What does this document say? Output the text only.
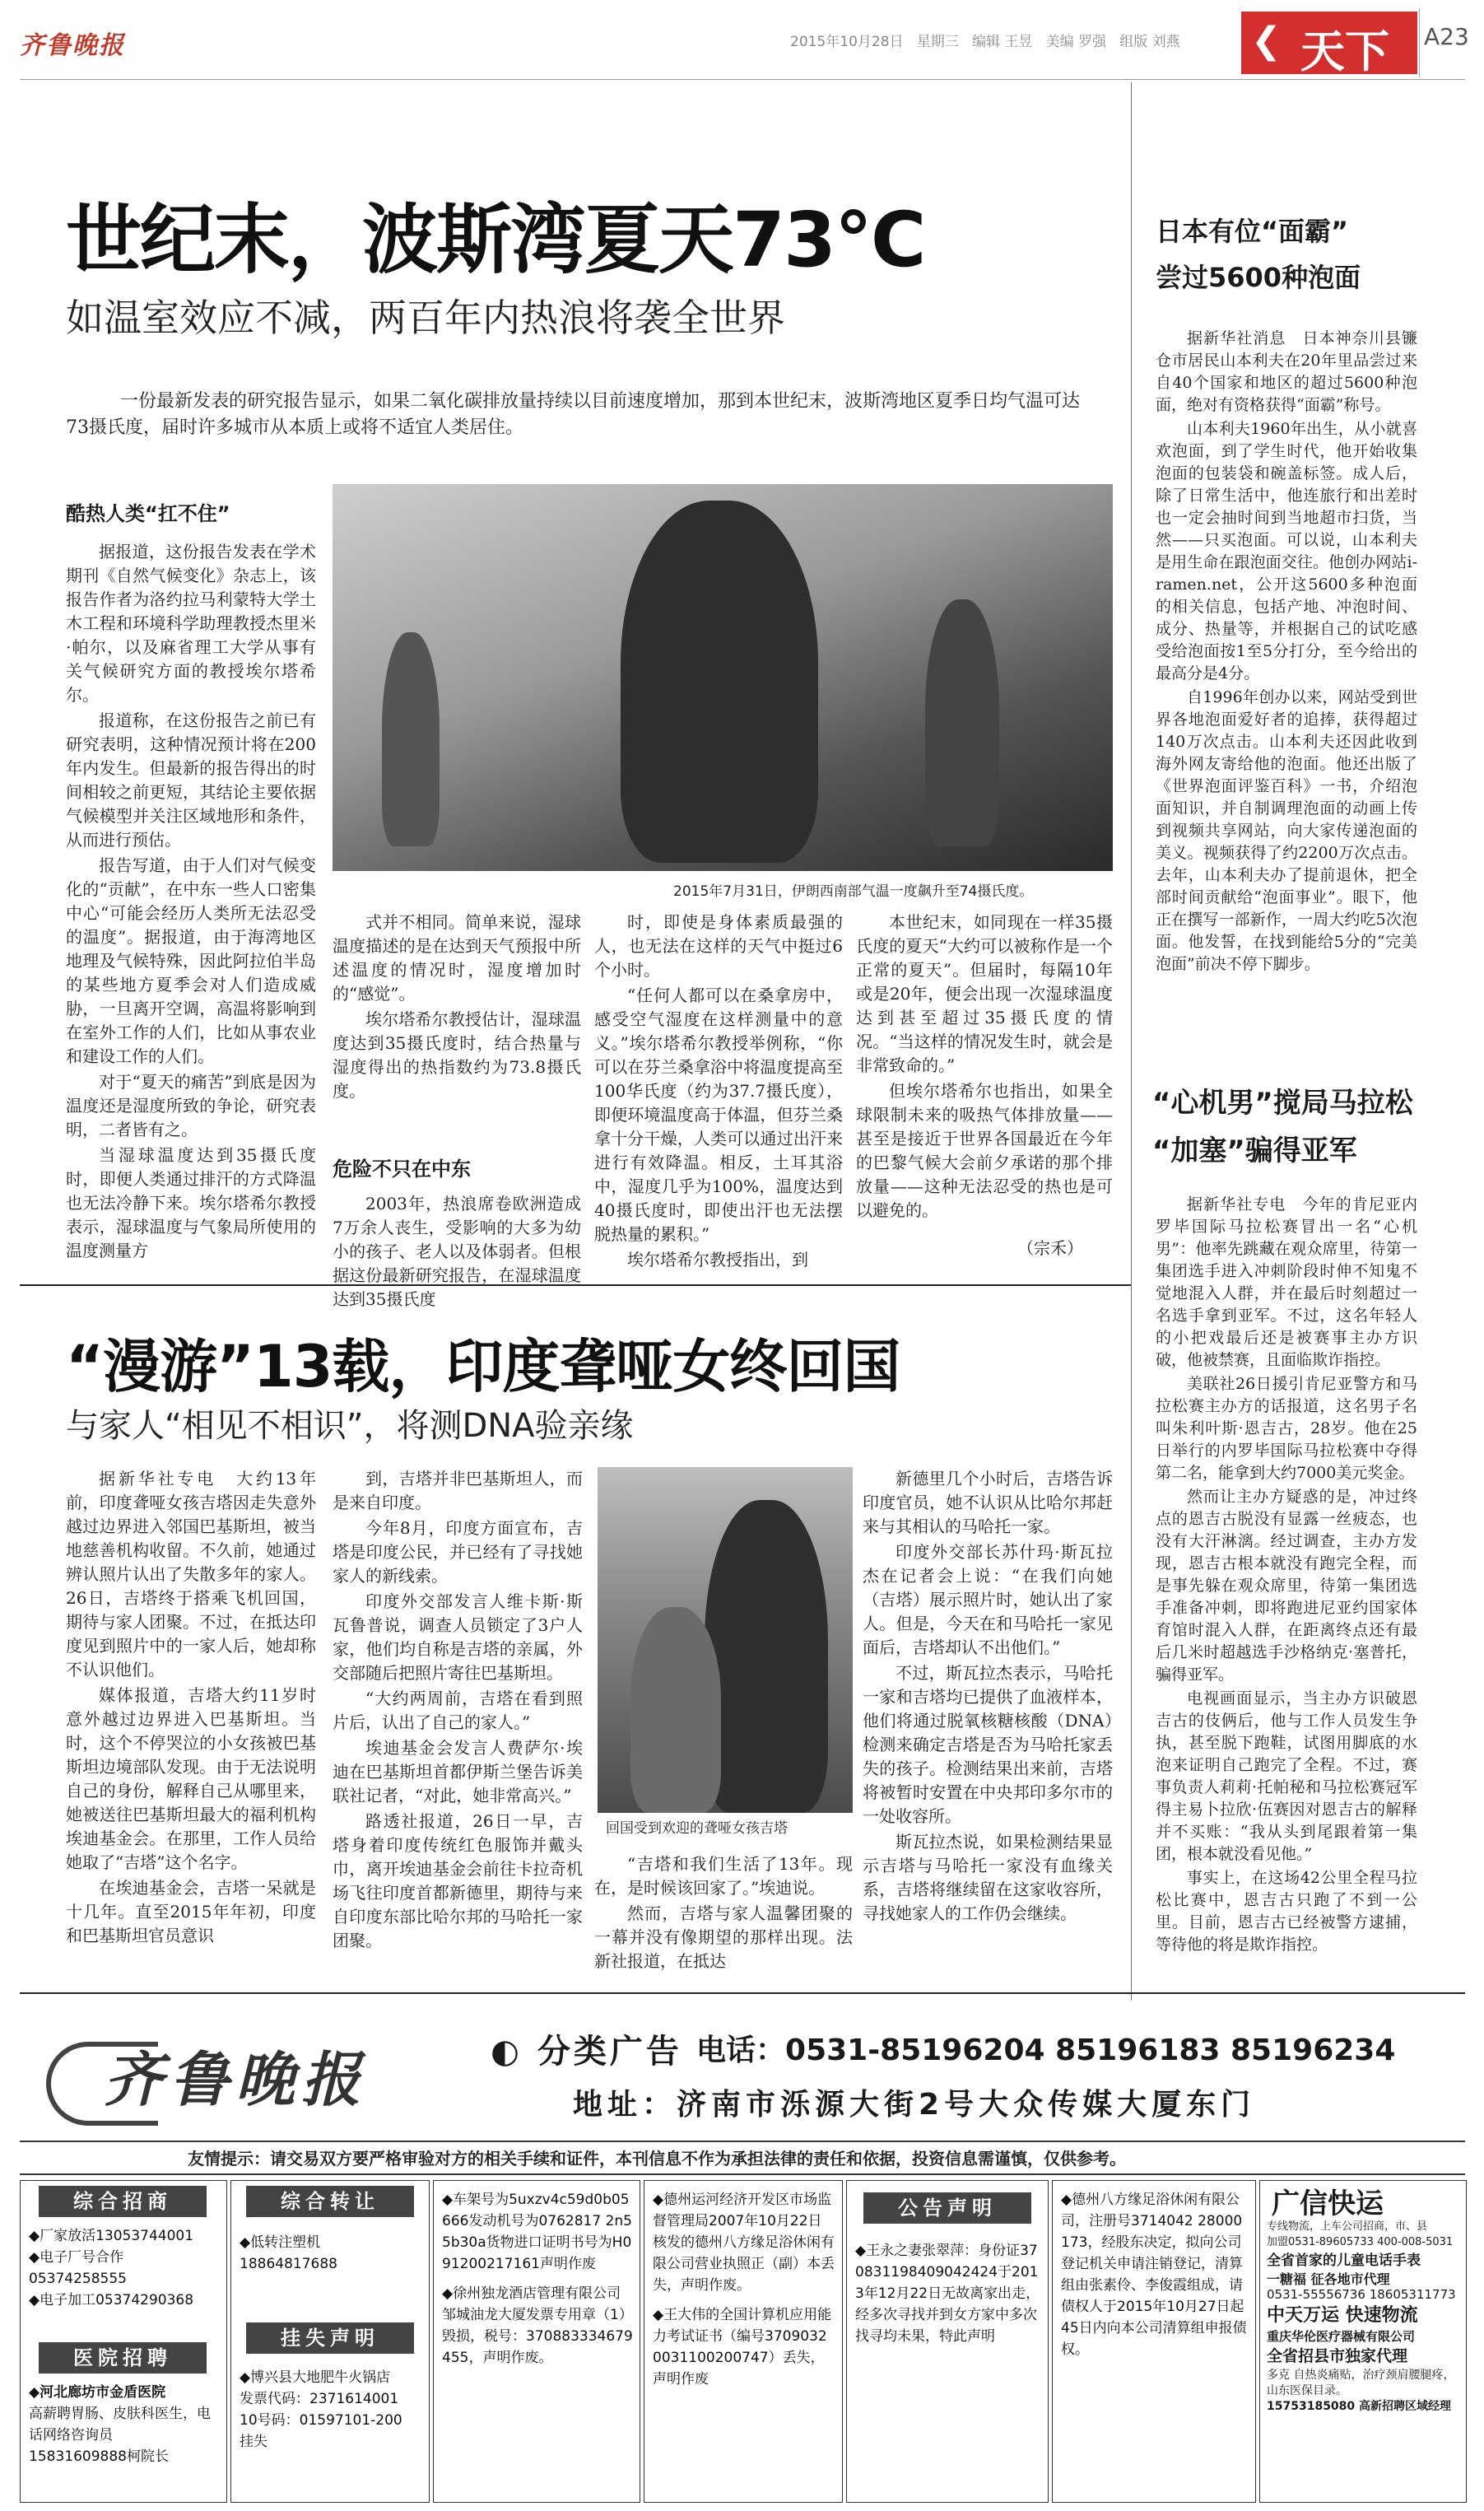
齐鲁晚报	2015年10月28日 星期三 编辑 王昱 美编 罗强 组版 刘燕 ❮ 天下 A23
世纪末，波斯湾夏天73℃
如温室效应不减，两百年内热浪将袭全世界
一份最新发表的研究报告显示，如果二氧化碳排放量持续以目前速度增加，那到本世纪末，波斯湾地区夏季日均气温可达73摄氏度，届时许多城市从本质上或将不适宜人类居住。
酷热人类“扛不住”

据报道，这份报告发表在学术期刊《自然气候变化》杂志上，该报告作者为洛约拉马利蒙特大学土木工程和环境科学助理教授杰里米·帕尔，以及麻省理工大学从事有关气候研究方面的教授埃尔塔希尔。

报道称，在这份报告之前已有研究表明，这种情况预计将在200年内发生。但最新的报告得出的时间相较之前更短，其结论主要依据气候模型并关注区域地形和条件，从而进行预估。

报告写道，由于人们对气候变化的“贡献”，在中东一些人口密集中心“可能会经历人类所无法忍受的温度”。据报道，由于海湾地区地理及气候特殊，因此阿拉伯半岛的某些地方夏季会对人们造成威胁，一旦离开空调，高温将影响到在室外工作的人们，比如从事农业和建设工作的人们。

对于“夏天的痛苦”到底是因为温度还是湿度所致的争论，研究表明，二者皆有之。

当湿球温度达到35摄氏度时，即便人类通过排汗的方式降温也无法冷静下来。埃尔塔希尔教授表示，湿球温度与气象局所使用的温度测量方

2015年7月31日，伊朗西南部气温一度飙升至74摄氏度。

式并不相同。简单来说，湿球温度描述的是在达到天气预报中所述温度的情况时，湿度增加时的“感觉”。

埃尔塔希尔教授估计，湿球温度达到35摄氏度时，结合热量与湿度得出的热指数约为73.8摄氏度。

危险不只在中东

2003年，热浪席卷欧洲造成7万余人丧生，受影响的大多为幼小的孩子、老人以及体弱者。但根据这份最新研究报告，在湿球温度达到35摄氏度

时，即使是身体素质最强的人，也无法在这样的天气中挺过6个小时。

“任何人都可以在桑拿房中，感受空气湿度在这样测量中的意义。”埃尔塔希尔教授举例称，“你可以在芬兰桑拿浴中将温度提高至100华氏度（约为37.7摄氏度），即便环境温度高于体温，但芬兰桑拿十分干燥，人类可以通过出汗来进行有效降温。相反，土耳其浴中，湿度几乎为100%，温度达到40摄氏度时，即使出汗也无法摆脱热量的累积。”

埃尔塔希尔教授指出，到

本世纪末，如同现在一样35摄氏度的夏天“大约可以被称作是一个正常的夏天”。但届时，每隔10年或是20年，便会出现一次湿球温度达到甚至超过35摄氏度的情况。“当这样的情况发生时，就会是非常致命的。”

但埃尔塔希尔也指出，如果全球限制未来的吸热气体排放量——甚至是接近于世界各国最近在今年的巴黎气候大会前夕承诺的那个排放量——这种无法忍受的热也是可以避免的。

（宗禾）
“漫游”13载，印度聋哑女终回国
与家人“相见不相识”，将测DNA验亲缘

据新华社专电　大约13年前，印度聋哑女孩吉塔因走失意外越过边界进入邻国巴基斯坦，被当地慈善机构收留。不久前，她通过辨认照片认出了失散多年的家人。26日，吉塔终于搭乘飞机回国，期待与家人团聚。不过，在抵达印度见到照片中的一家人后，她却称不认识他们。

媒体报道，吉塔大约11岁时意外越过边界进入巴基斯坦。当时，这个不停哭泣的小女孩被巴基斯坦边境部队发现。由于无法说明自己的身份，解释自己从哪里来，她被送往巴基斯坦最大的福利机构埃迪基金会。在那里，工作人员给她取了“吉塔”这个名字。

在埃迪基金会，吉塔一呆就是十几年。直至2015年年初，印度和巴基斯坦官员意识

到，吉塔并非巴基斯坦人，而是来自印度。

今年8月，印度方面宣布，吉塔是印度公民，并已经有了寻找她家人的新线索。

印度外交部发言人维卡斯·斯瓦鲁普说，调查人员锁定了3户人家，他们均自称是吉塔的亲属，外交部随后把照片寄往巴基斯坦。

“大约两周前，吉塔在看到照片后，认出了自己的家人。”

埃迪基金会发言人费萨尔·埃迪在巴基斯坦首都伊斯兰堡告诉美联社记者，“对此，她非常高兴。”

路透社报道，26日一早，吉塔身着印度传统红色服饰并戴头巾，离开埃迪基金会前往卡拉奇机场飞往印度首都新德里，期待与来自印度东部比哈尔邦的马哈托一家团聚。

回国受到欢迎的聋哑女孩吉塔

“吉塔和我们生活了13年。现在，是时候该回家了。”埃迪说。

然而，吉塔与家人温馨团聚的一幕并没有像期望的那样出现。法新社报道，在抵达

新德里几个小时后，吉塔告诉印度官员，她不认识从比哈尔邦赶来与其相认的马哈托一家。

印度外交部长苏什玛·斯瓦拉杰在记者会上说：“在我们向她（吉塔）展示照片时，她认出了家人。但是，今天在和马哈托一家见面后，吉塔却认不出他们。”

不过，斯瓦拉杰表示，马哈托一家和吉塔均已提供了血液样本，他们将通过脱氧核糖核酸（DNA）检测来确定吉塔是否为马哈托家丢失的孩子。检测结果出来前，吉塔将被暂时安置在中央邦印多尔市的一处收容所。

斯瓦拉杰说，如果检测结果显示吉塔与马哈托一家没有血缘关系，吉塔将继续留在这家收容所，寻找她家人的工作仍会继续。

日本有位“面霸”
尝过5600种泡面

据新华社消息　日本神奈川县镰仓市居民山本利夫在20年里品尝过来自40个国家和地区的超过5600种泡面，绝对有资格获得“面霸”称号。

山本利夫1960年出生，从小就喜欢泡面，到了学生时代，他开始收集泡面的包装袋和碗盖标签。成人后，除了日常生活中，他连旅行和出差时也一定会抽时间到当地超市扫货，当然——只买泡面。可以说，山本利夫是用生命在跟泡面交往。他创办网站i-ramen.net，公开这5600多种泡面的相关信息，包括产地、冲泡时间、成分、热量等，并根据自己的试吃感受给泡面按1至5分打分，至今给出的最高分是4分。

自1996年创办以来，网站受到世界各地泡面爱好者的追捧，获得超过140万次点击。山本利夫还因此收到海外网友寄给他的泡面。他还出版了《世界泡面评鉴百科》一书，介绍泡面知识，并自制调理泡面的动画上传到视频共享网站，向大家传递泡面的美义。视频获得了约2200万次点击。去年，山本利夫办了提前退休，把全部时间贡献给“泡面事业”。眼下，他正在撰写一部新作，一周大约吃5次泡面。他发誓，在找到能给5分的“完美泡面”前决不停下脚步。

“心机男”搅局马拉松
“加塞”骗得亚军

据新华社专电　今年的肯尼亚内罗毕国际马拉松赛冒出一名“心机男”：他率先跳藏在观众席里，待第一集团选手进入冲刺阶段时伸不知鬼不觉地混入人群，并在最后时刻超过一名选手拿到亚军。不过，这名年轻人的小把戏最后还是被赛事主办方识破，他被禁赛，且面临欺诈指控。

美联社26日援引肯尼亚警方和马拉松赛主办方的话报道，这名男子名叫朱利叶斯·恩吉古，28岁。他在25日举行的内罗毕国际马拉松赛中夺得第二名，能拿到大约7000美元奖金。

然而让主办方疑惑的是，冲过终点的恩吉古脱没有显露一丝疲态，也没有大汗淋漓。经过调查，主办方发现，恩吉古根本就没有跑完全程，而是事先躲在观众席里，待第一集团选手准备冲刺，即将跑进尼亚约国家体育馆时混入人群，在距离终点还有最后几米时超越选手沙格纳克·塞普托，骗得亚军。

电视画面显示，当主办方识破恩吉古的伎俩后，他与工作人员发生争执，甚至脱下跑鞋，试图用脚底的水泡来证明自己跑完了全程。不过，赛事负责人莉莉·托帕秘和马拉松赛冠军得主易卜拉欣·伍赛因对恩吉古的解释并不买账：“我从头到尾跟着第一集团，根本就没看见他。”

事实上，在这场42公里全程马拉松比赛中，恩吉古只跑了不到一公里。目前，恩吉古已经被警方逮捕，等待他的将是欺诈指控。

齐鲁晚报	◐ 分类广告 电话：0531-85196204 85196183 85196234
地址：济南市泺源大街2号大众传媒大厦东门
友情提示：请交易双方要严格审验对方的相关手续和证件，本刊信息不作为承担法律的责任和依据，投资信息需谨慎，仅供参考。
综合招商
◆厂家放活13053744001
◆电子厂号合作
05374258555
◆电子加工05374290368
医院招聘
◆河北廊坊市金盾医院
高薪聘胃肠、皮肤科医生，电话网络咨询员
15831609888柯院长
综合转让
◆低转注塑机
18864817688
挂失声明
◆博兴县大地肥牛火锅店
发票代码：2371614001
10号码：01597101-200
挂失
◆车架号为5uxzv4c59d0b05666发动机号为0762817 2n55b30a货物进口证明书号为H091200217161声明作废
◆徐州独龙酒店管理有限公司邹城油龙大厦发票专用章（1）毁损，税号：370883334679455，声明作废。
◆德州运河经济开发区市场监督管理局2007年10月22日核发的德州八方缘足浴休闲有限公司营业执照正（副）本丢失，声明作废。
◆王大伟的全国计算机应用能力考试证书（编号37090320031100200747）丢失，声明作废
公告声明
◆王永之妻张翠萍：身份证370831198409042424于2013年12月22日无故离家出走，经多次寻找并到女方家中多次找寻均未果，特此声明
◆德州八方缘足浴休闲有限公司，注册号3714042 28000173，经股东决定，拟向公司登记机关申请注销登记，清算组由张素伶、李俊霞组成，请债权人于2015年10月27日起45日内向本公司清算组申报债权。
广信快运
专线物流，上车公司招商，市、县
加盟0531-89605733 400-008-5031
全省首家的儿童电话手表
一糖福 征各地市代理
0531-55556736 18605311773
中天万运 快速物流
重庆华伦医疗器械有限公司
全省招县市独家代理
多克 自热炎痛贴，治疗颈肩腰腿疼，山东医保目录。
15753185080 高新招聘区域经理
